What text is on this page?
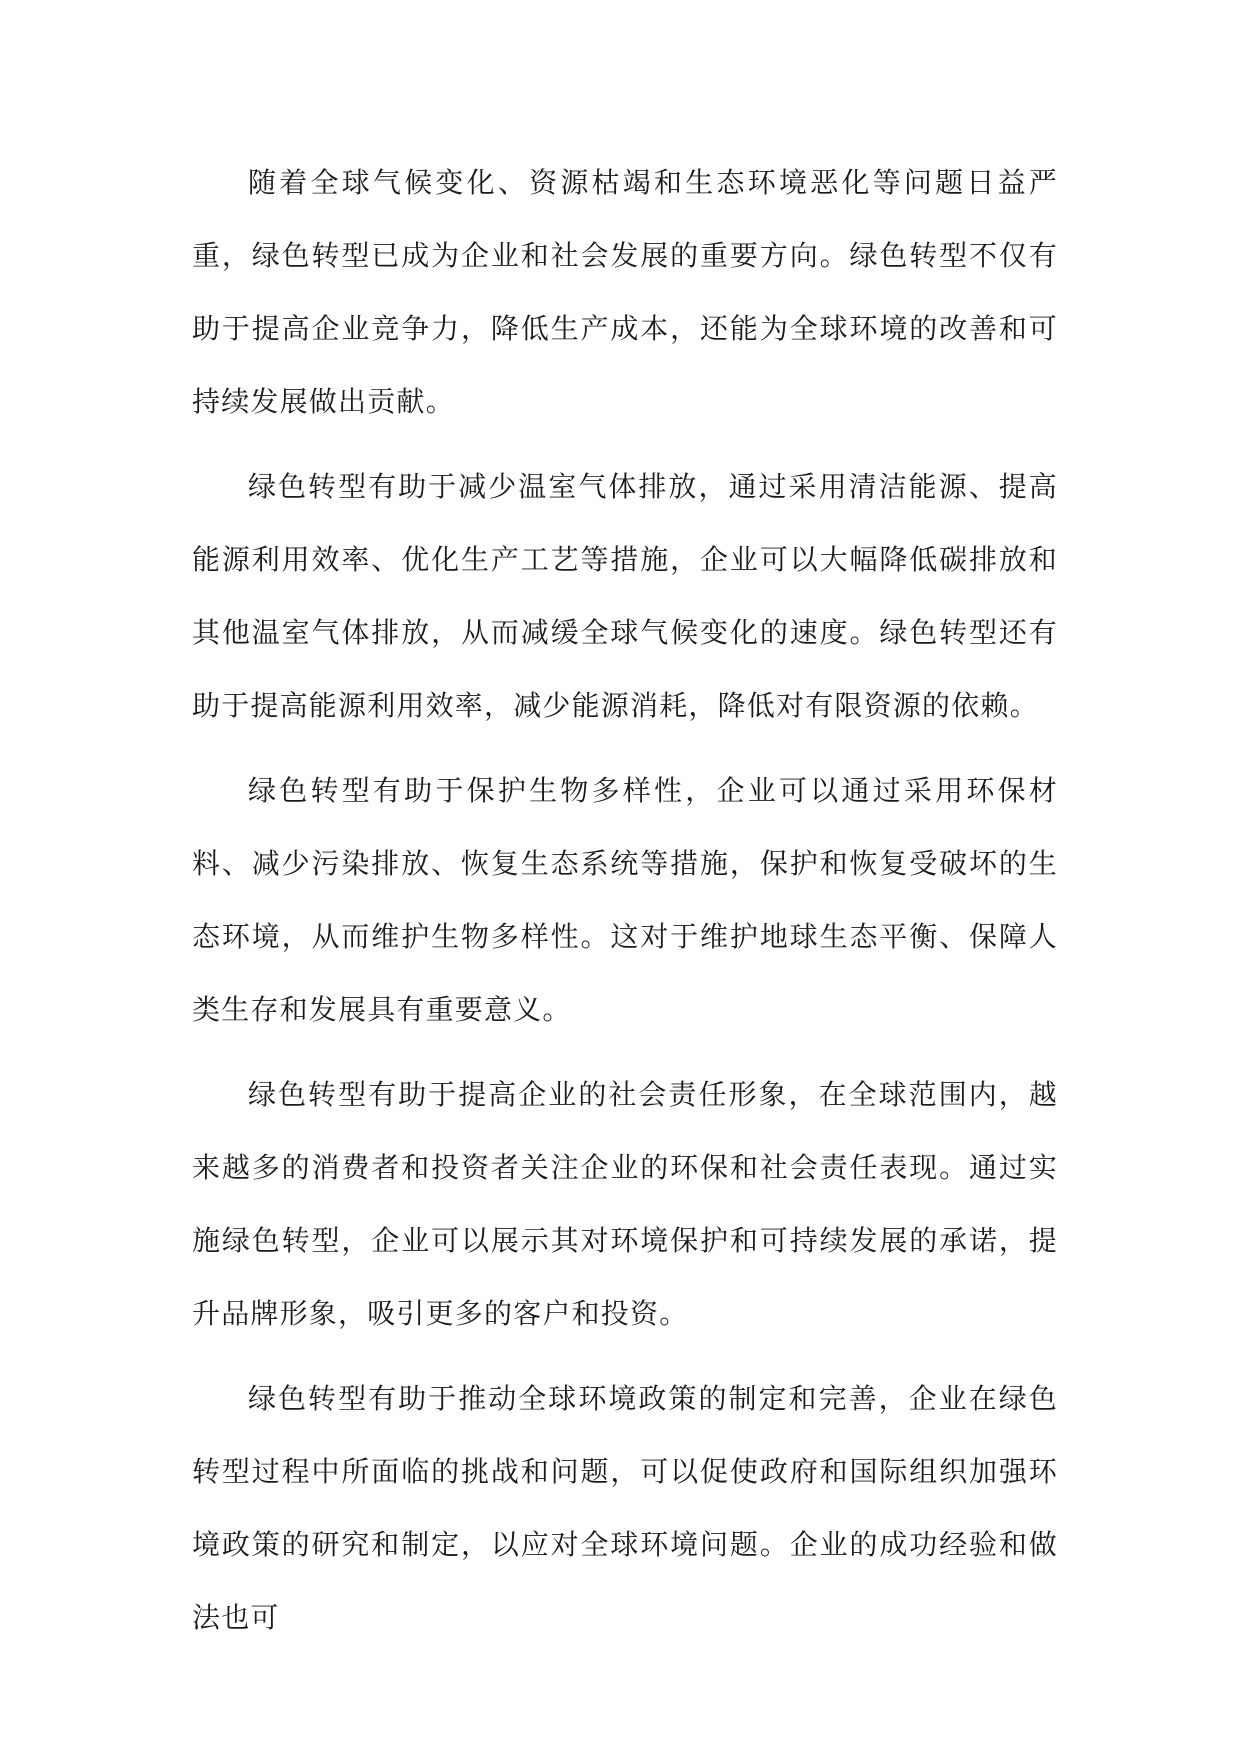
随着全球气候变化、资源枯竭和生态环境恶化等问题日益严重，绿色转型已成为企业和社会发展的重要方向。绿色转型不仅有助于提高企业竞争力，降低生产成本，还能为全球环境的改善和可持续发展做出贡献。

绿色转型有助于减少温室气体排放，通过采用清洁能源、提高能源利用效率、优化生产工艺等措施，企业可以大幅降低碳排放和其他温室气体排放，从而减缓全球气候变化的速度。绿色转型还有助于提高能源利用效率，减少能源消耗，降低对有限资源的依赖。

绿色转型有助于保护生物多样性，企业可以通过采用环保材料、减少污染排放、恢复生态系统等措施，保护和恢复受破坏的生态环境，从而维护生物多样性。这对于维护地球生态平衡、保障人类生存和发展具有重要意义。

绿色转型有助于提高企业的社会责任形象，在全球范围内，越来越多的消费者和投资者关注企业的环保和社会责任表现。通过实施绿色转型，企业可以展示其对环境保护和可持续发展的承诺，提升品牌形象，吸引更多的客户和投资。

绿色转型有助于推动全球环境政策的制定和完善，企业在绿色转型过程中所面临的挑战和问题，可以促使政府和国际组织加强环境政策的研究和制定，以应对全球环境问题。企业的成功经验和做法也可
